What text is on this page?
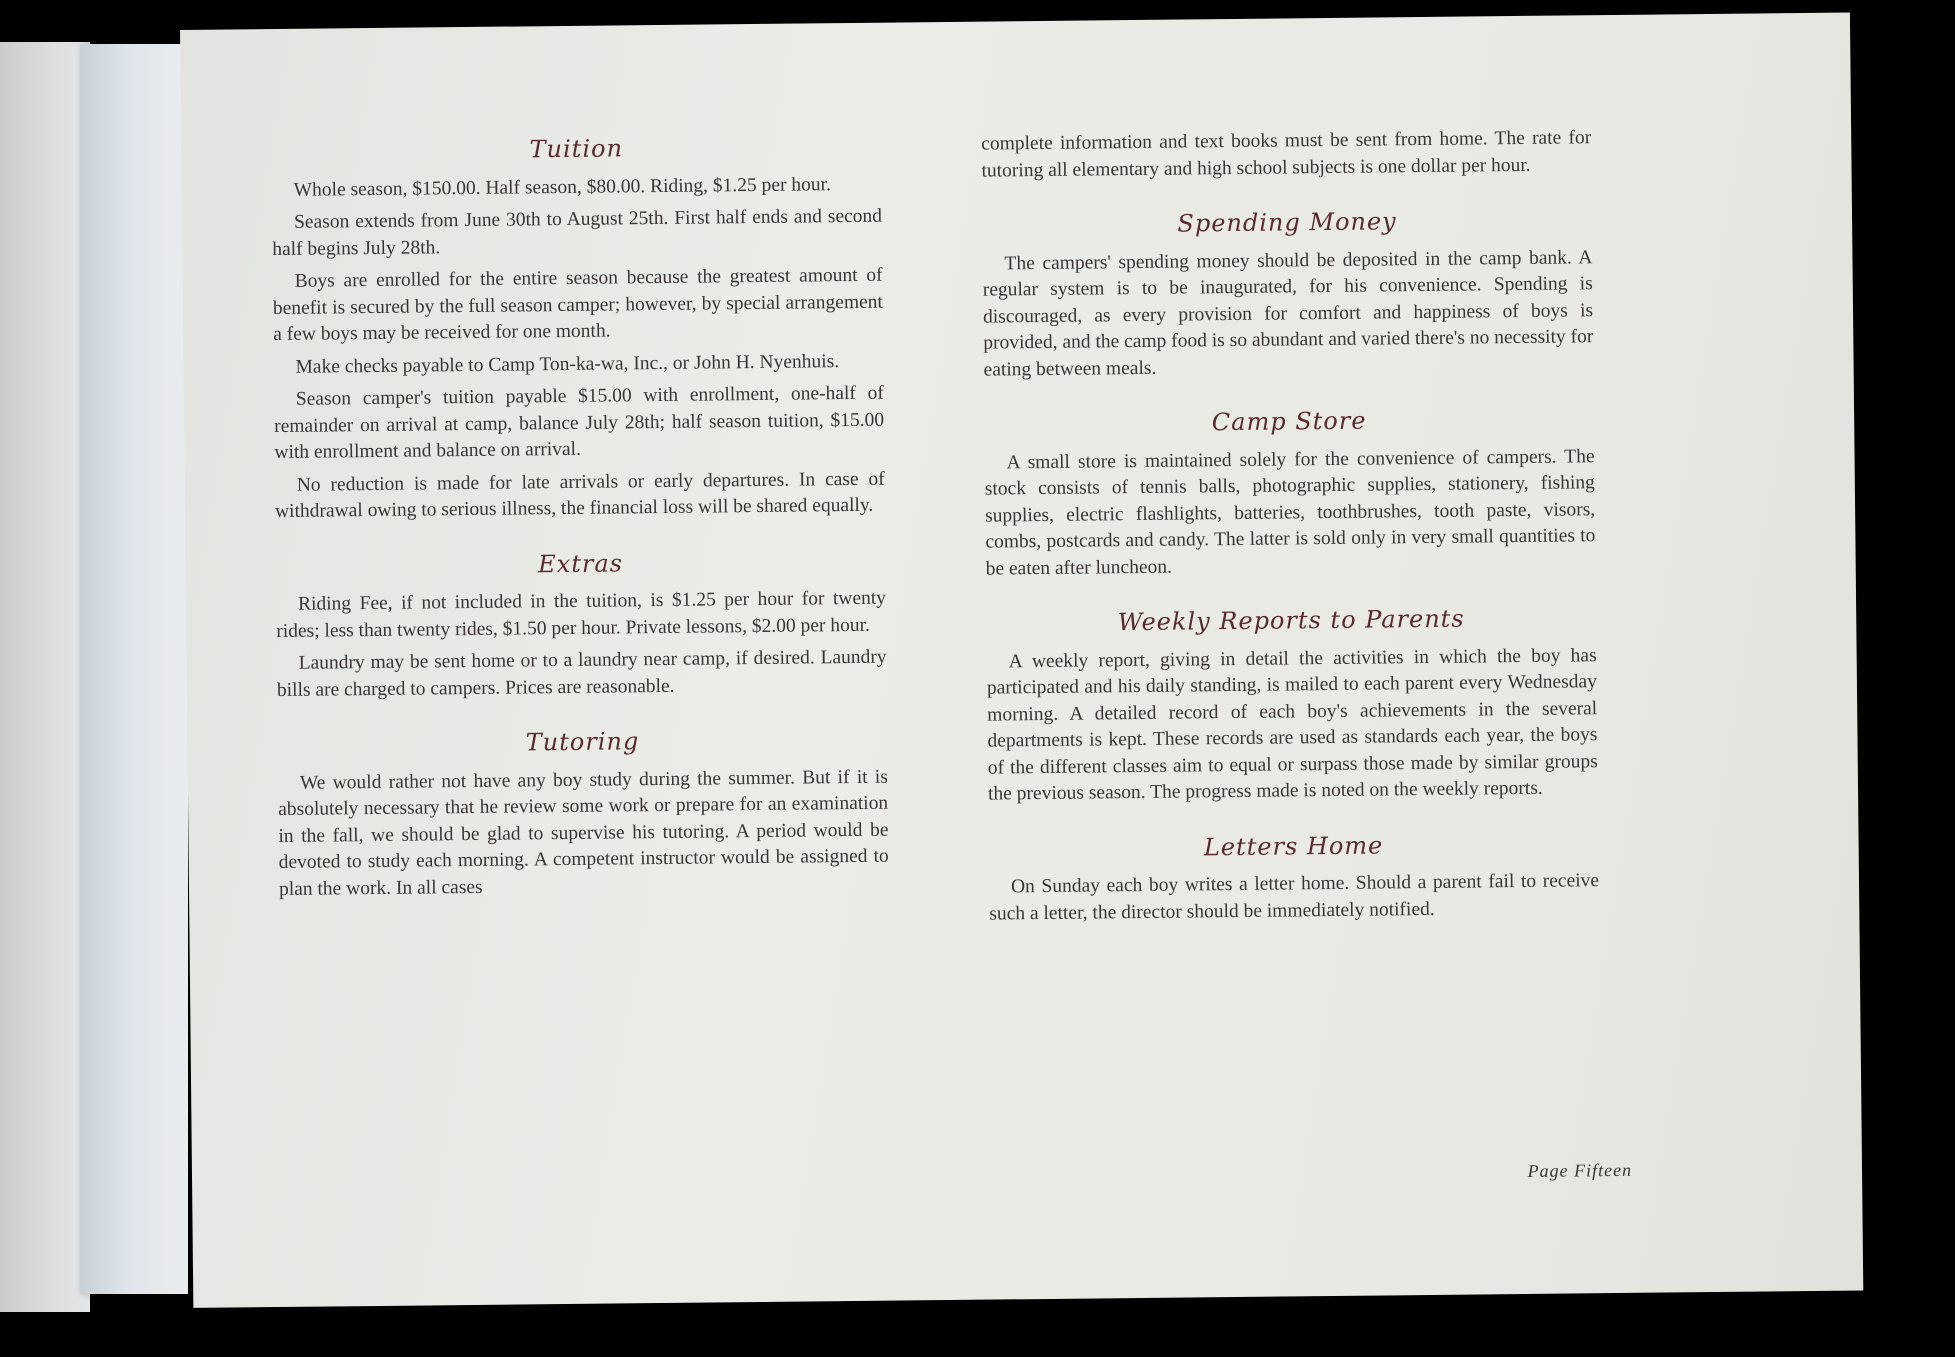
Tuition

Whole season, $150.00. Half season, $80.00. Riding, $1.25 per hour.

Season extends from June 30th to August 25th. First half ends and second half begins July 28th.

Boys are enrolled for the entire season because the greatest amount of benefit is secured by the full season camper; however, by special arrangement a few boys may be received for one month.

Make checks payable to Camp Ton-ka-wa, Inc., or John H. Nyenhuis.

Season camper's tuition payable $15.00 with enrollment, one-half of remainder on arrival at camp, balance July 28th; half season tuition, $15.00 with enrollment and balance on arrival.

No reduction is made for late arrivals or early departures. In case of withdrawal owing to serious illness, the financial loss will be shared equally.

Extras

Riding Fee, if not included in the tuition, is $1.25 per hour for twenty rides; less than twenty rides, $1.50 per hour. Private lessons, $2.00 per hour.

Laundry may be sent home or to a laundry near camp, if desired. Laundry bills are charged to campers. Prices are reasonable.

Tutoring

We would rather not have any boy study during the summer. But if it is absolutely necessary that he review some work or prepare for an examination in the fall, we should be glad to supervise his tutoring. A period would be devoted to study each morning. A competent instructor would be assigned to plan the work. In all cases

complete information and text books must be sent from home. The rate for tutoring all elementary and high school subjects is one dollar per hour.

Spending Money

The campers' spending money should be deposited in the camp bank. A regular system is to be inaugurated, for his convenience. Spending is discouraged, as every provision for comfort and happiness of boys is provided, and the camp food is so abundant and varied there's no necessity for eating between meals.

Camp Store

A small store is maintained solely for the convenience of campers. The stock consists of tennis balls, photographic supplies, stationery, fishing supplies, electric flashlights, batteries, toothbrushes, tooth paste, visors, combs, postcards and candy. The latter is sold only in very small quantities to be eaten after luncheon.

Weekly Reports to Parents

A weekly report, giving in detail the activities in which the boy has participated and his daily standing, is mailed to each parent every Wednesday morning. A detailed record of each boy's achievements in the several departments is kept. These records are used as standards each year, the boys of the different classes aim to equal or surpass those made by similar groups the previous season. The progress made is noted on the weekly reports.

Letters Home

On Sunday each boy writes a letter home. Should a parent fail to receive such a letter, the director should be immediately notified.

Page Fifteen
